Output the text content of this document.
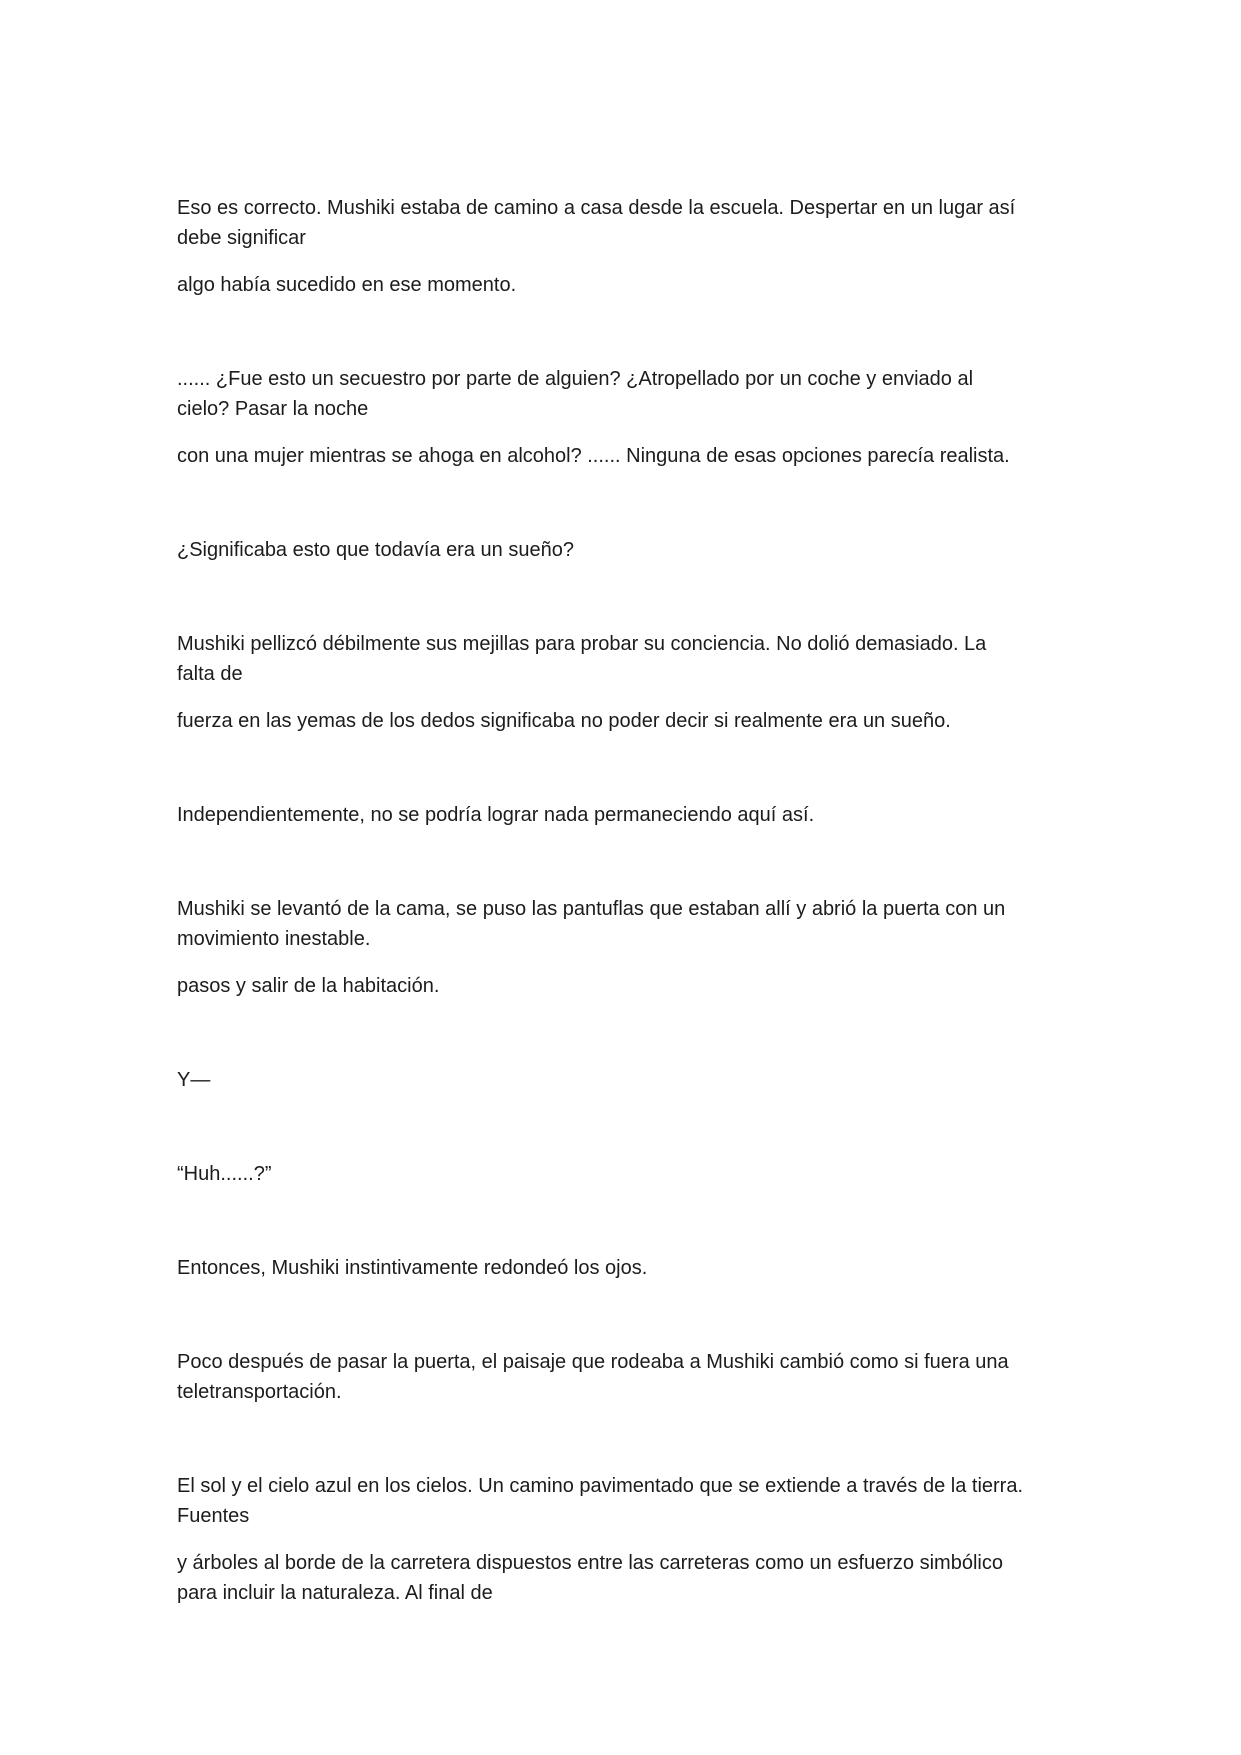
Eso es correcto. Mushiki estaba de camino a casa desde la escuela. Despertar en un lugar así
debe significar
algo había sucedido en ese momento.
...... ¿Fue esto un secuestro por parte de alguien? ¿Atropellado por un coche y enviado al
cielo? Pasar la noche
con una mujer mientras se ahoga en alcohol? ...... Ninguna de esas opciones parecía realista.
¿Significaba esto que todavía era un sueño?
Mushiki pellizcó débilmente sus mejillas para probar su conciencia. No dolió demasiado. La
falta de
fuerza en las yemas de los dedos significaba no poder decir si realmente era un sueño.
Independientemente, no se podría lograr nada permaneciendo aquí así.
Mushiki se levantó de la cama, se puso las pantuflas que estaban allí y abrió la puerta con un
movimiento inestable.
pasos y salir de la habitación.
Y—
“Huh......?”
Entonces, Mushiki instintivamente redondeó los ojos.
Poco después de pasar la puerta, el paisaje que rodeaba a Mushiki cambió como si fuera una
teletransportación.
El sol y el cielo azul en los cielos. Un camino pavimentado que se extiende a través de la tierra.
Fuentes
y árboles al borde de la carretera dispuestos entre las carreteras como un esfuerzo simbólico
para incluir la naturaleza. Al final de
